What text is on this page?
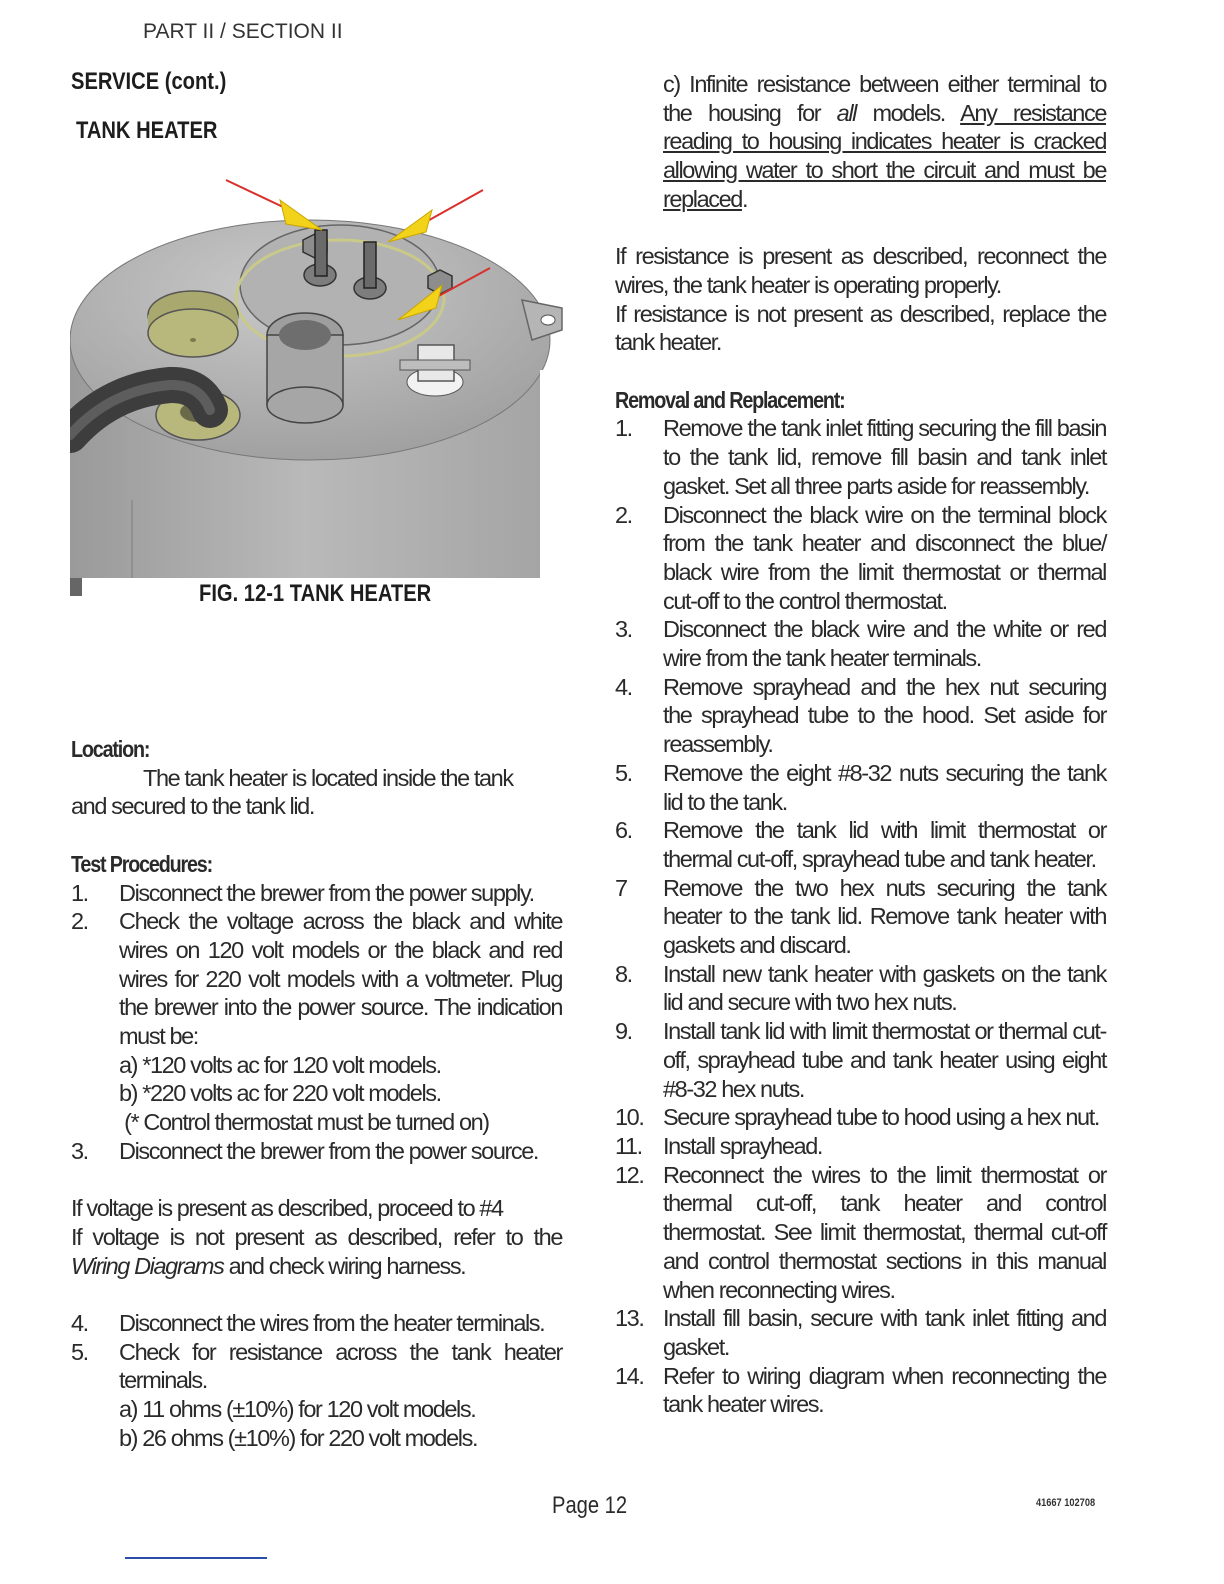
PART II / SECTION II
SERVICE (cont.)
TANK HEATER
FIG. 12-1 TANK HEATER
Location:
The tank heater is located inside the tank
and secured to the tank lid.
Test Procedures:
1.	Disconnect the brewer from the power supply.
2.	Check the voltage across the black and white wires on 120 volt models or the black and red wires for 220 volt models with a voltmeter. Plug the brewer into the power source. The indication must be:
a) *120 volts ac for 120 volt models.
b) *220 volts ac for 220 volt models.
(* Control thermostat must be turned on)
3.	Disconnect the brewer from the power source.
If voltage is present as described, proceed to #4
If voltage is not present as described, refer to the Wiring Diagrams and check wiring harness.
4.	Disconnect the wires from the heater terminals.
5.	Check for resistance across the tank heater terminals.
a) 11 ohms (±10%) for 120 volt models.
b) 26 ohms (±10%) for 220 volt models.
c) Infinite resistance between either terminal to the housing for all models. Any resistance reading to housing indicates heater is cracked allowing water to short the circuit and must be replaced.
If resistance is present as described, reconnect the wires, the tank heater is operating properly.
If resistance is not present as described, replace the tank heater.
Removal and Replacement:
1.	Remove the tank inlet fitting securing the fill basin to the tank lid, remove fill basin and tank inlet gasket. Set all three parts aside for reassembly.
2.	Disconnect the black wire on the terminal block from the tank heater and disconnect the blue/ black wire from the limit thermostat or thermal cut-off to the control thermostat.
3.	Disconnect the black wire and the white or red wire from the tank heater terminals.
4.	Remove sprayhead and the hex nut securing the sprayhead tube to the hood. Set aside for reassembly.
5.	Remove the eight #8-32 nuts securing the tank lid to the tank.
6.	Remove the tank lid with limit thermostat or thermal cut-off, sprayhead tube and tank heater.
7	Remove the two hex nuts securing the tank heater to the tank lid. Remove tank heater with gaskets and discard.
8.	Install new tank heater with gaskets on the tank lid and secure with two hex nuts.
9.	Install tank lid with limit thermostat or thermal cut-off, sprayhead tube and tank heater using eight #8-32 hex nuts.
10. Secure sprayhead tube to hood using a hex nut.
11. Install sprayhead.
12. Reconnect the wires to the limit thermostat or thermal cut-off, tank heater and control thermostat. See limit thermostat, thermal cut-off and control thermostat sections in this manual when reconnecting wires.
13. Install fill basin, secure with tank inlet fitting and gasket.
14. Refer to wiring diagram when reconnecting the tank heater wires.
Page 12	41667 102708
